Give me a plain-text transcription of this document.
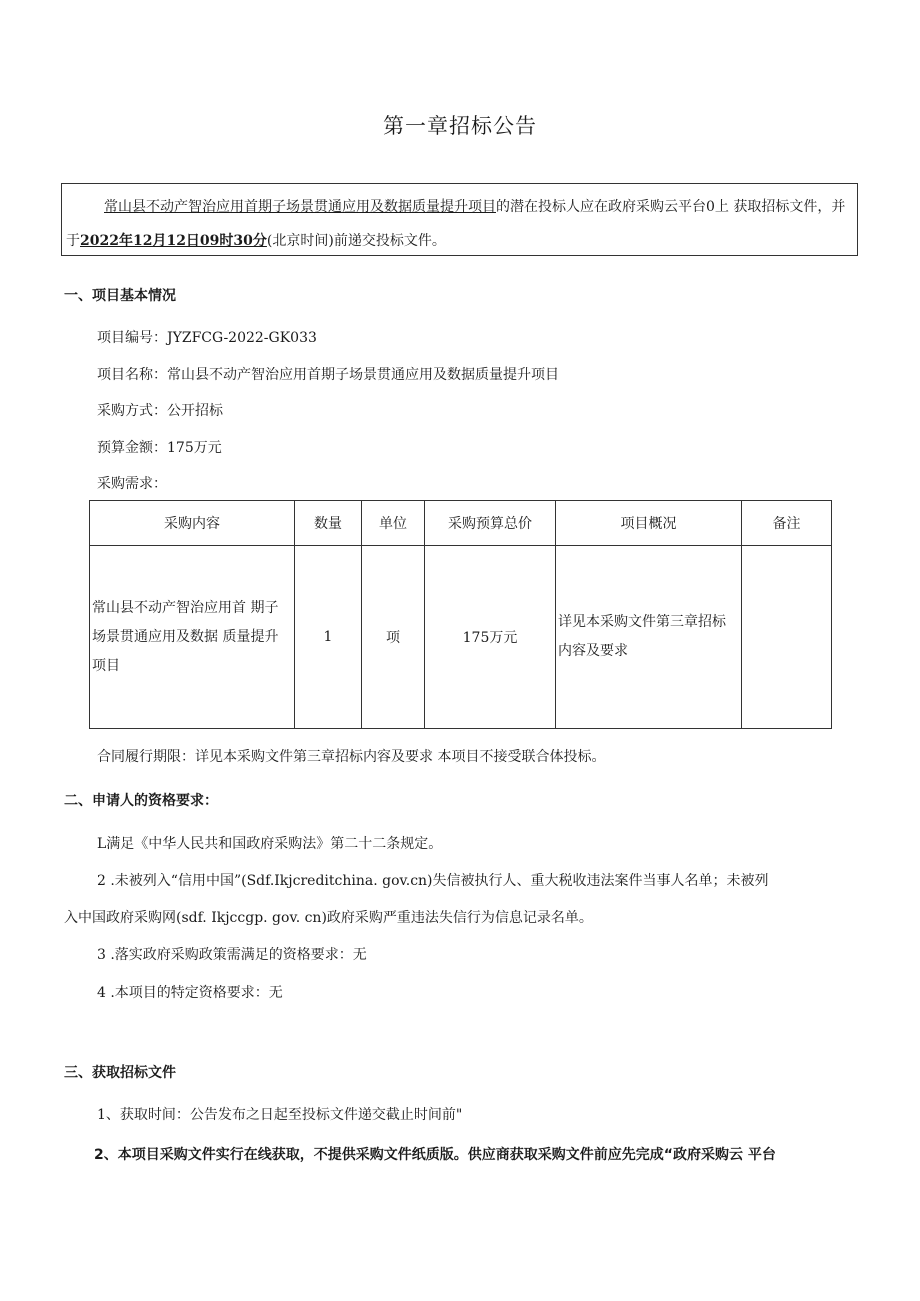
第一章招标公告
常山县不动产智治应用首期子场景贯通应用及数据质量提升项目的潜在投标人应在政府采购云平台0上 获取招标文件，并于2022年12月12日09时30分(北京时间)前递交投标文件。
一、项目基本情况
项目编号：JYZFCG-2022-GK033
项目名称：常山县不动产智治应用首期子场景贯通应用及数据质量提升项目
采购方式：公开招标
预算金额：175万元
采购需求：
采购内容	数量	单位	采购预算总价	项目概况	备注
常山县不动产智治应用首 期子场景贯通应用及数据 质量提升项目	1	项	175万元	详见本采购文件第三章招标内容及要求	
合同履行期限：详见本采购文件第三章招标内容及要求 本项目不接受联合体投标。
二、申请人的资格要求：
L满足《中华人民共和国政府采购法》第二十二条规定。
2 .未被列入“信用中国”(Sdf.Ikjcreditchina. gov.cn)失信被执行人、重大税收违法案件当事人名单；未被列
入中国政府采购网(sdf. Ikjccgp. gov. cn)政府采购严重违法失信行为信息记录名单。
3 .落实政府采购政策需满足的资格要求：无
4 .本项目的特定资格要求：无
三、获取招标文件
1、获取时间：公告发布之日起至投标文件递交截止时间前"
2、本项目采购文件实行在线获取，不提供采购文件纸质版。供应商获取采购文件前应先完成“政府采购云 平台
